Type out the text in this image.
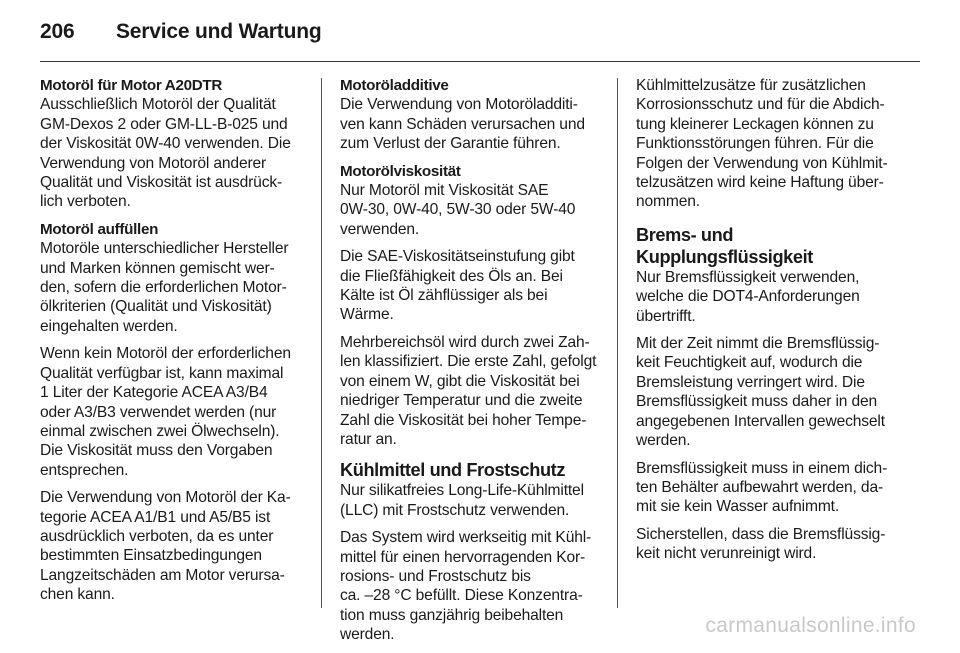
206	Service und Wartung
Motoröl für Motor A20DTR

Ausschließlich Motoröl der Qualität
GM-Dexos 2 oder GM-LL-B-025 und
der Viskosität 0W-40 verwenden. Die
Verwendung von Motoröl anderer
Qualität und Viskosität ist ausdrück-
lich verboten.

Motoröl auffüllen

Motoröle unterschiedlicher Hersteller
und Marken können gemischt wer-
den, sofern die erforderlichen Motor-
ölkriterien (Qualität und Viskosität)
eingehalten werden.

Wenn kein Motoröl der erforderlichen
Qualität verfügbar ist, kann maximal
1 Liter der Kategorie ACEA A3/B4
oder A3/B3 verwendet werden (nur
einmal zwischen zwei Ölwechseln).
Die Viskosität muss den Vorgaben
entsprechen.

Die Verwendung von Motoröl der Ka-
tegorie ACEA A1/B1 und A5/B5 ist
ausdrücklich verboten, da es unter
bestimmten Einsatzbedingungen
Langzeitschäden am Motor verursa-
chen kann.

Motoröladditive

Die Verwendung von Motoröladditi-
ven kann Schäden verursachen und
zum Verlust der Garantie führen.

Motorölviskosität

Nur Motoröl mit Viskosität SAE
0W-30, 0W-40, 5W-30 oder 5W-40
verwenden.

Die SAE-Viskositätseinstufung gibt
die Fließfähigkeit des Öls an. Bei
Kälte ist Öl zähflüssiger als bei
Wärme.

Mehrbereichsöl wird durch zwei Zah-
len klassifiziert. Die erste Zahl, gefolgt
von einem W, gibt die Viskosität bei
niedriger Temperatur und die zweite
Zahl die Viskosität bei hoher Tempe-
ratur an.

Kühlmittel und Frostschutz

Nur silikatfreies Long-Life-Kühlmittel
(LLC) mit Frostschutz verwenden.

Das System wird werkseitig mit Kühl-
mittel für einen hervorragenden Kor-
rosions- und Frostschutz bis
ca. –28 °C befüllt. Diese Konzentra-
tion muss ganzjährig beibehalten
werden.

Kühlmittelzusätze für zusätzlichen
Korrosionsschutz und für die Abdich-
tung kleinerer Leckagen können zu
Funktionsstörungen führen. Für die
Folgen der Verwendung von Kühlmit-
telzusätzen wird keine Haftung über-
nommen.

Brems- und Kupplungsflüssigkeit

Nur Bremsflüssigkeit verwenden,
welche die DOT4-Anforderungen
übertrifft.

Mit der Zeit nimmt die Bremsflüssig-
keit Feuchtigkeit auf, wodurch die
Bremsleistung verringert wird. Die
Bremsflüssigkeit muss daher in den
angegebenen Intervallen gewechselt
werden.

Bremsflüssigkeit muss in einem dich-
ten Behälter aufbewahrt werden, da-
mit sie kein Wasser aufnimmt.

Sicherstellen, dass die Bremsflüssig-
keit nicht verunreinigt wird.

carmanualsonline.info
